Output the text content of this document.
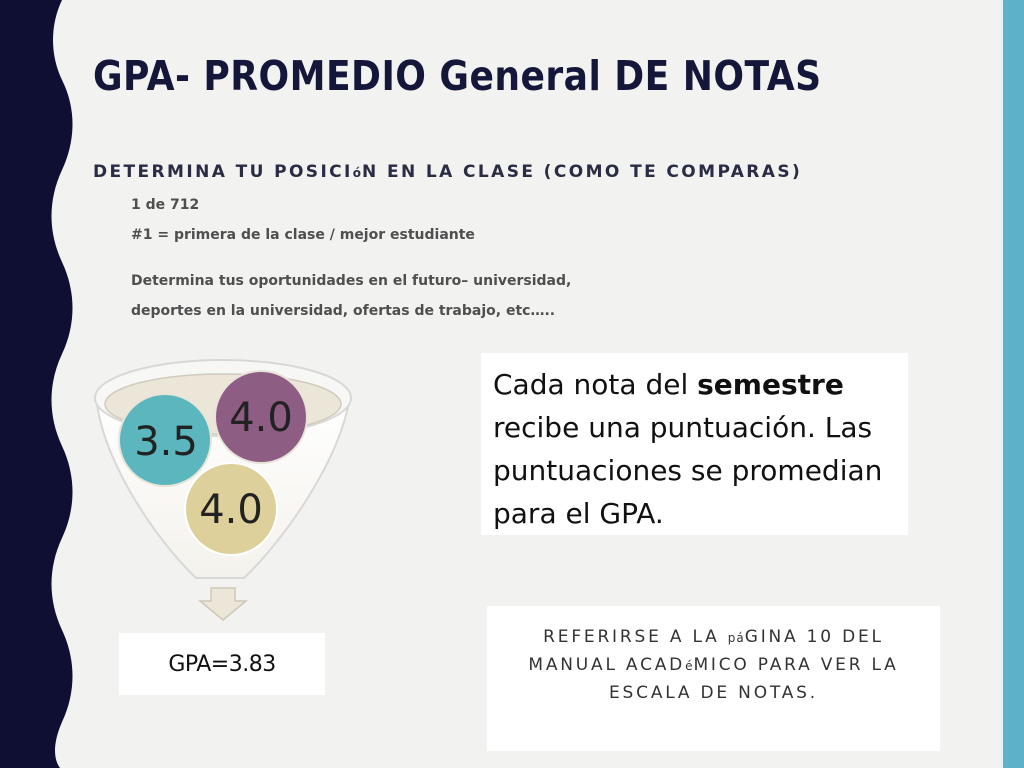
GPA- PROMEDIO General DE NOTAS
DETERMINA TU POSICIóN EN LA CLASE (COMO TE COMPARAS)
1 de 712
#1 = primera de la clase / mejor estudiante
Determina tus oportunidades en el futuro– universidad,
deportes en la universidad, ofertas de trabajo, etc…..
4.0
3.5
4.0
GPA=3.83
Cada nota del semestre recibe una puntuación. Las puntuaciones se promedian para el GPA.
REFERIRSE A LA páGINA 10 DEL
MANUAL ACADéMICO PARA VER LA
ESCALA DE NOTAS.
